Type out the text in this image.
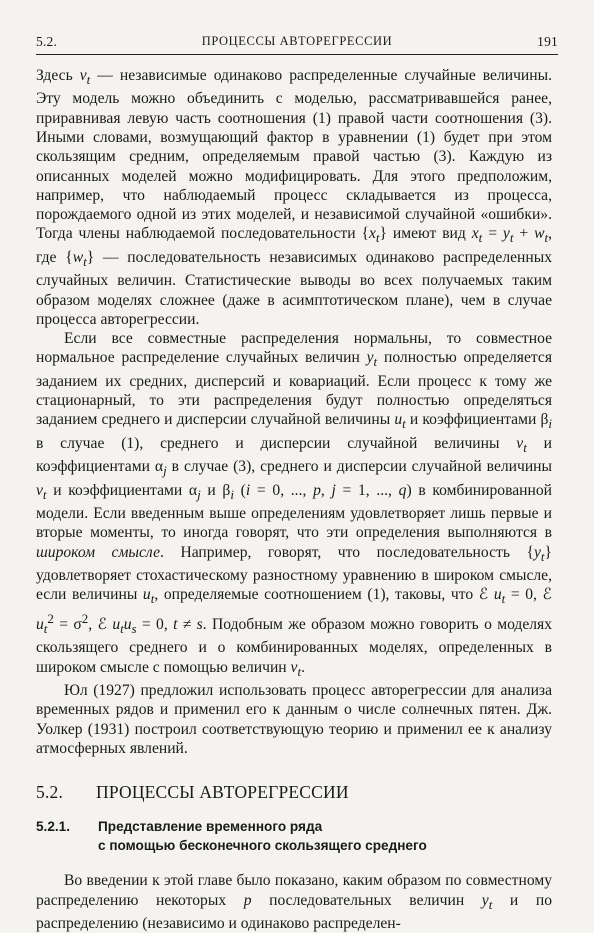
5.2.	ПРОЦЕССЫ АВТОРЕГРЕССИИ	191

Здесь $v_t$ — независимые одинаково распределенные случайные величины. Эту модель можно объединить с моделью, рассматривавшейся ранее, приравнивая левую часть соотношения (1) правой части соотношения (3). Иными словами, возмущающий фактор в уравнении (1) будет при этом скользящим средним, определяемым правой частью (3). Каждую из описанных моделей можно модифицировать. Для этого предположим, например, что наблюдаемый процесс складывается из процесса, порождаемого одной из этих моделей, и независимой случайной «ошибки». Тогда члены наблюдаемой последовательности $\{x_t\}$ имеют вид $x_t = y_t + w_t$, где $\{w_t\}$ — последовательность независимых одинаково распределенных случайных величин. Статистические выводы во всех получаемых таким образом моделях сложнее (даже в асимптотическом плане), чем в случае процесса авторегрессии.

Если все совместные распределения нормальны, то совместное нормальное распределение случайных величин $y_t$ полностью определяется заданием их средних, дисперсий и ковариаций. Если процесс к тому же стационарный, то эти распределения будут полностью определяться заданием среднего и дисперсии случайной величины $u_t$ и коэффициентами $\beta_i$ в случае (1), среднего и дисперсии случайной величины $v_t$ и коэффициентами $\alpha_j$ в случае (3), среднего и дисперсии случайной величины $v_t$ и коэффициентами $\alpha_j$ и $\beta_i$ (i = 0, ..., p, j = 1, ..., q) в комбинированной модели. Если введенным выше определениям удовлетворяет лишь первые и вторые моменты, то иногда говорят, что эти определения выполняются в широком смысле. Например, говорят, что последовательность $\{y_t\}$ удовлетворяет стохастическому разностному уравнению в широком смысле, если величины $u_t$, определяемые соотношением (1), таковы, что ℰ $u_t = 0$, ℰ $u_t^2 = \sigma^2$, ℰ $u_tu_s = 0$, t ≠ s. Подобным же образом можно говорить о моделях скользящего среднего и о комбинированных моделях, определенных в широком смысле с помощью величин $v_t$.

Юл (1927) предложил использовать процесс авторегрессии для анализа временных рядов и применил его к данным о числе солнечных пятен. Дж. Уолкер (1931) построил соответствующую теорию и применил ее к анализу атмосферных явлений.

5.2. ПРОЦЕССЫ АВТОРЕГРЕССИИ
5.2.1. Представление временного ряда
с помощью бесконечного скользящего среднего

Во введении к этой главе было показано, каким образом по совместному распределению некоторых p последовательных величин $y_t$ и по распределению (независимо и одинаково распределен-
